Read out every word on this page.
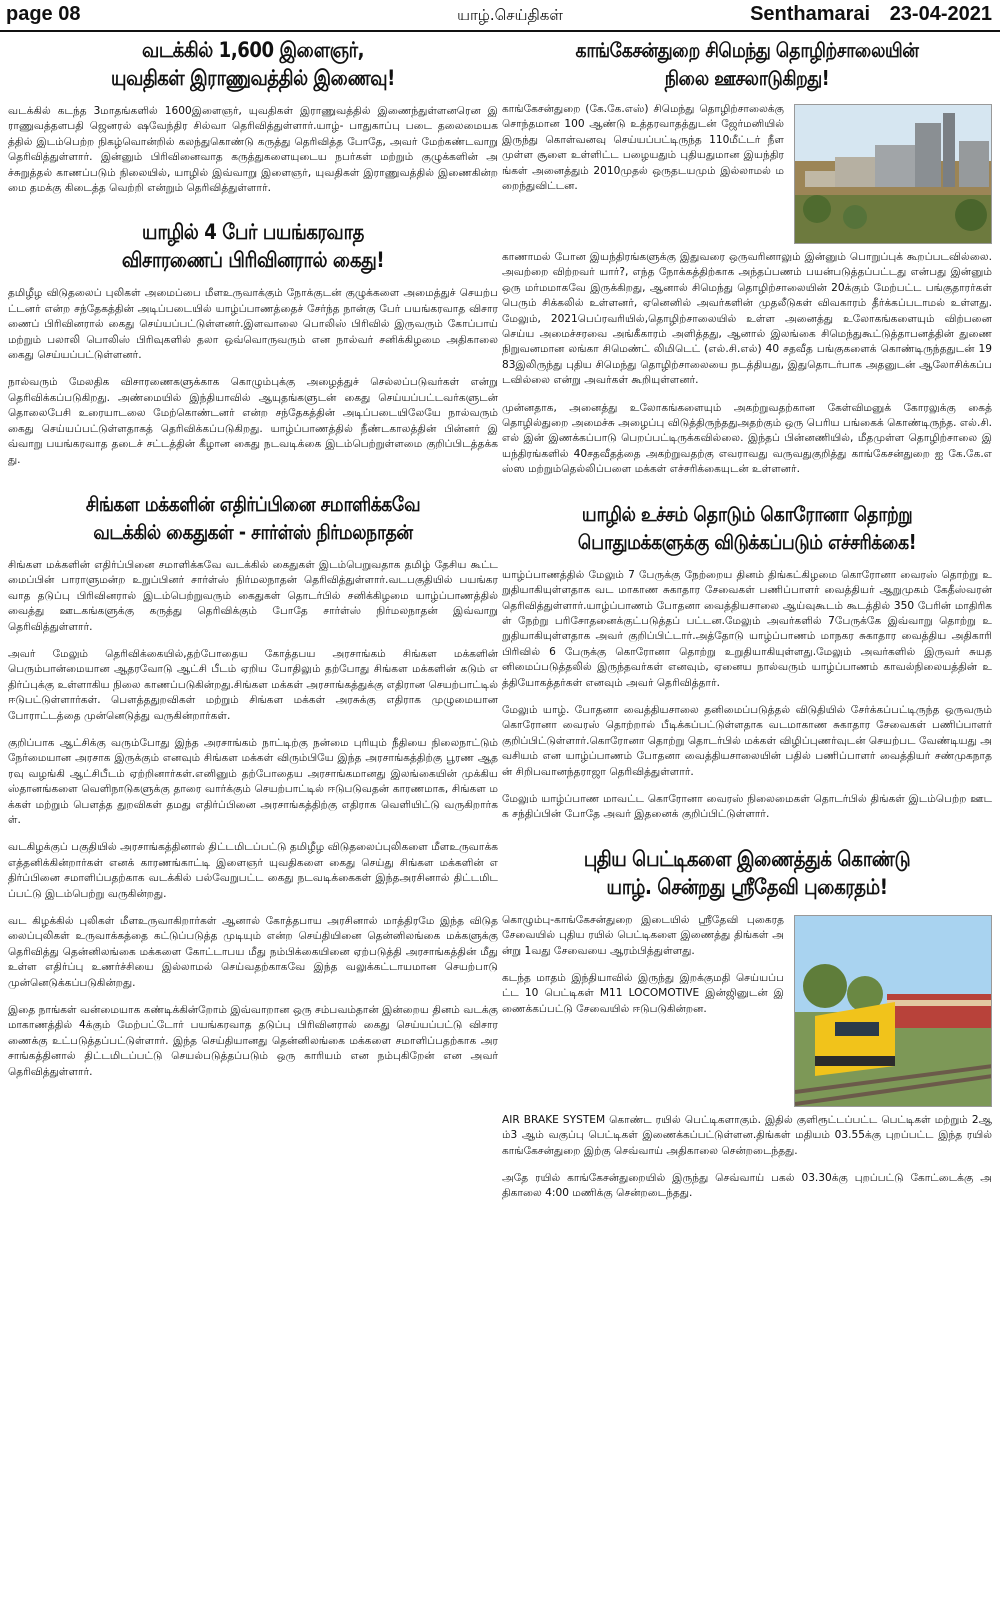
page 08	யாழ்.செய்திகள்	Senthamarai 23-04-2021
வடக்கில் 1,600 இளைஞர்,
யுவதிகள் இராணுவத்தில் இணைவு!

வடக்கில் கடந்த 3மாதங்களில் 1600இளைஞர், யுவதிகள் இராணுவத்தில் இணைந்துள்ளனரென இராணுவத்தளபதி ஜெனரல் ஷவேந்திர சில்வா தெரிவித்துள்ளார்.யாழ்- பாதுகாப்பு படை தலைமையகத்தில் இடம்பெற்ற நிகழ்வொன்றில் கலந்துகொண்டு கருத்து தெரிவித்த போதே, அவர் மேற்கண்டவாறு தெரிவித்துள்ளார். இன்னும் பிரிவினைவாத கருத்துகளையுடைய நபர்கள் மற்றும் குழுக்களின் அச்சுறுத்தல் காணப்படும் நிலையில், யாழில் இவ்வாறு இளைஞர், யுவதிகள் இராணுவத்தில் இணைகின்றமை தமக்கு கிடைத்த வெற்றி என்றும் தெரிவித்துள்ளார்.

யாழில் 4 பேர் பயங்கரவாத
விசாரணைப் பிரிவினரால் கைது!

தமிழீழ விடுதலைப் புலிகள் அமைப்பை மீளஉருவாக்கும் நோக்குடன் குழுக்களை அமைத்துச் செயற்பட்டனர் என்ற சந்தேகத்தின் அடிப்படையில் யாழ்ப்பாணத்தைச் சேர்ந்த நான்கு பேர் பயங்கரவாத விசாரணைப் பிரிவினரால் கைது செய்யப்பட்டுள்ளனர்.இளவாலை பொலிஸ் பிரிவில் இருவரும் கோப்பாய் மற்றும் பலாலி பொலிஸ் பிரிவுகளில் தலா ஒவ்வொருவரும் என நால்வர் சனிக்கிழமை அதிகாலை கைது செய்யப்பட்டுள்ளனர்.

நால்வரும் மேலதிக விசாரணைகளுக்காக கொழும்புக்கு அழைத்துச் செல்லப்படுவர்கள் என்று தெரிவிக்கப்படுகிறது. அண்மையில் இந்தியாவில் ஆயுதங்களுடன் கைது செய்யப்பட்டவர்களுடன் தொலைபேசி உரையாடலை மேற்கொண்டனர் என்ற சந்தேகத்தின் அடிப்படையிலேயே நால்வரும் கைது செய்யப்பட்டுள்ளதாகத் தெரிவிக்கப்படுகிறது. யாழ்ப்பாணத்தில் நீண்டகாலத்தின் பின்னர் இவ்வாறு பயங்கரவாத தடைச் சட்டத்தின் கீழான கைது நடவடிக்கை இடம்பெற்றுள்ளமை குறிப்பிடத்தக்கது.

சிங்கள மக்களின் எதிர்ப்பினை சமாளிக்கவே
வடக்கில் கைதுகள் - சார்ள்ஸ் நிர்மலநாதன்

சிங்கள மக்களின் எதிர்ப்பினை சமாளிக்கவே வடக்கில் கைதுகள் இடம்பெறுவதாக தமிழ் தேசிய கூட்டமைப்பின் பாராளுமன்ற உறுப்பினர் சார்ள்ஸ் நிர்மலநாதன் தெரிவித்துள்ளார்.வடபகுதியில் பயங்கரவாத தடுப்பு பிரிவினரால் இடம்பெற்றுவரும் கைதுகள் தொடர்பில் சனிக்கிழமை யாழ்ப்பாணத்தில் வைத்து ஊடகங்களுக்கு கருத்து தெரிவிக்கும் போதே சார்ள்ஸ் நிர்மலநாதன் இவ்வாறு தெரிவித்துள்ளார்.

அவர் மேலும் தெரிவிக்கையில்,தற்போதைய கோத்தபய அரசாங்கம் சிங்கள மக்களின் பெரும்பான்மையான ஆதரவோடு ஆட்சி பீடம் ஏறிய போதிலும் தற்போது சிங்கள மக்களின் கடும் எதிர்ப்புக்கு உள்ளாகிய நிலை காணப்படுகின்றது.சிங்கள மக்கள் அரசாங்கத்துக்கு எதிரான செயற்பாட்டில் ஈடுபட்டுள்ளார்கள். பௌத்ததுறவிகள் மற்றும் சிங்கள மக்கள் அரசுக்கு எதிராக முழுமையான போராட்டத்தை முன்னெடுத்து வருகின்றார்கள்.

குறிப்பாக ஆட்சிக்கு வரும்போது இந்த அரசாங்கம் நாட்டிற்கு நன்மை புரியும் நீதியை நிலைநாட்டும் நேர்மையான அரசாக இருக்கும் எனவும் சிங்கள மக்கள் விரும்பியே இந்த அரசாங்கத்திற்கு பூரண ஆதரவு வழங்கி ஆட்சிபீடம் ஏற்றினார்கள்.எனினும் தற்போதைய அரசாங்கமானது இலங்கையின் முக்கிய ஸ்தானங்களை வெளிநாடுகளுக்கு தாரை வார்க்கும் செயற்பாட்டில் ஈடுபடுவதன் காரணமாக, சிங்கள மக்கள் மற்றும் பௌத்த துறவிகள் தமது எதிர்ப்பினை அரசாங்கத்திற்கு எதிராக வெளியிட்டு வருகிறார்கள்.

வடகிழக்குப் பகுதியில் அரசாங்கத்தினால் திட்டமிடப்பட்டு தமிழீழ விடுதலைப்புலிகளை மீளஉருவாக்க எத்தனிக்கின்றார்கள் எனக் காரணங்காட்டி இளைஞர் யுவதிகளை கைது செய்து சிங்கள மக்களின் எதிர்ப்பினை சமாளிப்பதற்காக வடக்கில் பல்வேறுபட்ட கைது நடவடிக்கைகள் இந்தஅரசினால் திட்டமிடப்பட்டு இடம்பெற்று வருகின்றது.

வட கிழக்கில் புலிகள் மீளஉருவாகிறார்கள் ஆனால் கோத்தபாய அரசினால் மாத்திரமே இந்த விடுதலைப்புலிகள் உருவாக்கத்தை கட்டுப்படுத்த முடியும் என்ற செய்தியினை தென்னிலங்கை மக்களுக்கு தெரிவித்து தென்னிலங்கை மக்களை கோட்டாபய மீது நம்பிக்கையினை ஏற்படுத்தி அரசாங்கத்தின் மீது உள்ள எதிர்ப்பு உணர்ச்சியை இல்லாமல் செய்வதற்காகவே இந்த வலுக்கட்டாயமான செயற்பாடு முன்னெடுக்கப்படுகின்றது.

இதை நாங்கள் வன்மையாக கண்டிக்கின்றோம் இவ்வாறான ஒரு சம்பவம்தான் இன்றைய தினம் வடக்கு மாகாணத்தில் 4க்கும் மேற்பட்டோர் பயங்கரவாத தடுப்பு பிரிவினரால் கைது செய்யப்பட்டு விசாரணைக்கு உட்படுத்தப்பட்டுள்ளார். இந்த செய்தியானது தென்னிலங்கை மக்களை சமாளிப்பதற்காக அரசாங்கத்தினால் திட்டமிடப்பட்டு செயல்படுத்தப்படும் ஒரு காரியம் என நம்புகிறேன் என அவர் தெரிவித்துள்ளார்.

காங்கேசன்துறை சிமெந்து தொழிற்சாலையின்
நிலை ஊசலாடுகிறது!

காங்கேசன்துறை (கே.கே.எஸ்) சிமெந்து தொழிற்சாலைக்கு சொந்தமான 100 ஆண்டு உத்தரவாதத்துடன் ஜேர்மனியில் இருந்து கொள்வனவு செய்யப்பட்டிருந்த 110மீட்டர் நீளமுள்ள சூளை உள்ளிட்ட பழையதும் புதியதுமான இயந்திரங்கள் அனைத்தும் 2010முதல் ஒருதடயமும் இல்லாமல் மறைந்துவிட்டன.

காணாமல் போன இயந்திரங்களுக்கு இதுவரை ஒருவரினாலும் இன்னும் பொறுப்புக் கூறப்படவில்லை.அவற்றை விற்றவர் யார்?, எந்த நோக்கத்திற்காக அந்தப்பணம் பயன்படுத்தப்பட்டது என்பது இன்னும் ஒரு மர்மமாகவே இருக்கிறது, ஆனால் சிமெந்து தொழிற்சாலையின் 20க்கும் மேற்பட்ட பங்குதாரர்கள் பெரும் சிக்கலில் உள்ளனர், ஏனெனில் அவர்களின் முதலீடுகள் விவகாரம் தீர்க்கப்படாமல் உள்ளது.மேலும், 2021பெப்ரவரியில்,தொழிற்சாலையில் உள்ள அனைத்து உலோகங்களையும் விற்பனை செய்ய அமைச்சரவை அங்கீகாரம் அளித்தது, ஆனால் இலங்கை சிமெந்துகூட்டுத்தாபனத்தின் துணை நிறுவனமான லங்கா சிமெண்ட் லிமிடெட் (எல்.சி.எல்) 40 சதவீத பங்குகளைக் கொண்டிருந்ததுடன் 1983இலிருந்து புதிய சிமெந்து தொழிற்சாலையை நடத்தியது, இதுதொடர்பாக அதனுடன் ஆலோசிக்கப்படவில்லை என்று அவர்கள் கூறியுள்ளனர்.

முன்னதாக, அனைத்து உலோகங்களையும் அகற்றுவதற்கான கேள்விமனுக் கோரலுக்கு கைத் தொழில்துறை அமைச்சு அழைப்பு விடுத்திருந்ததுஅதற்கும் ஒரு பெரிய பங்கைக் கொண்டிருந்த. எல்.சி.எல் இன் இணக்கப்பாடு பெறப்பட்டிருக்கவில்லை. இந்தப் பின்னணியில், மீதமுள்ள தொழிற்சாலை இயந்திரங்களில் 40சதவீதத்தை அகற்றுவதற்கு எவராவது வருவதுகுறித்து காங்கேசன்துறை ஐ கே.கே.எஸ்ஸ மற்றும்தெல்லிப்பளை மக்கள் எச்சரிக்கையுடன் உள்ளனர்.

யாழில் உச்சம் தொடும் கொரோனா தொற்று
பொதுமக்களுக்கு விடுக்கப்படும் எச்சரிக்கை!

யாழ்ப்பாணத்தில் மேலும் 7 பேருக்கு நேற்றைய தினம் திங்கட்கிழமை கொரோனா வைரஸ் தொற்று உறுதியாகியுள்ளதாக வட மாகாண சுகாதார சேவைகள் பணிப்பாளர் வைத்தியர் ஆறுமுகம் கேதீஸ்வரன் தெரிவித்துள்ளார்.யாழ்ப்பாணம் போதனா வைத்தியசாலை ஆய்வுகூடம் கூடத்தில் 350 பேரின் மாதிரிகள் நேற்று பரிசோதனைக்குட்படுத்தப் பட்டன.மேலும் அவர்களில் 7பேருக்கே இவ்வாறு தொற்று உறுதியாகியுள்ளதாக அவர் குறிப்பிட்டார்.அத்தோடு யாழ்ப்பாணம் மாநகர சுகாதார வைத்திய அதிகாரி பிரிவில் 6 பேருக்கு கொரோனா தொற்று உறுதியாகியுள்ளது.மேலும் அவர்களில் இருவர் சுயதனிமைப்படுத்தலில் இருந்தவர்கள் எனவும், ஏனைய நால்வரும் யாழ்ப்பாணம் காவல்நிலையத்தின் உத்தியோகத்தர்கள் எனவும் அவர் தெரிவித்தார்.

மேலும் யாழ். போதனா வைத்தியசாலை தனிமைப்படுத்தல் விடுதியில் சேர்க்கப்பட்டிருந்த ஒருவரும் கொரோனா வைரஸ் தொற்றால் பீடிக்கப்பட்டுள்ளதாக வடமாகாண சுகாதார சேவைகள் பணிப்பாளர் குறிப்பிட்டுள்ளார்.கொரோனா தொற்று தொடர்பில் மக்கள் விழிப்புணர்வுடன் செயற்பட வேண்டியது அவசியம் என யாழ்ப்பாணம் போதனா வைத்தியசாலையின் பதில் பணிப்பாளர் வைத்தியர் சண்முகநாதன் சிறிபவானந்தராஜா தெரிவித்துள்ளார்.

மேலும் யாழ்ப்பாண மாவட்ட கொரோனா வைரஸ் நிலைமைகள் தொடர்பில் திங்கள் இடம்பெற்ற ஊடக சந்திப்பின் போதே அவர் இதனைக் குறிப்பிட்டுள்ளார்.

புதிய பெட்டிகளை இணைத்துக் கொண்டு
யாழ். சென்றது ஸ்ரீதேவி புகைரதம்!

கொழும்பு-காங்கேசன்துறை இடையில் ஸ்ரீதேவி புகைரதசேவையில் புதிய ரயில் பெட்டிகளை இணைத்து திங்கள் அன்று 1வது சேவையை ஆரம்பித்துள்ளது.

கடந்த மாதம் இந்தியாவில் இருந்து இறக்குமதி செய்யப்பட்ட 10 பெட்டிகள் M11 LOCOMOTIVE இன்ஜினுடன் இணைக்கப்பட்டு சேவையில் ஈடுபடுகின்றன.

AIR BRAKE SYSTEM கொண்ட ரயில் பெட்டிகளாகும். இதில் குளிரூட்டப்பட்ட பெட்டிகள் மற்றும் 2ஆம்3 ஆம் வகுப்பு பெட்டிகள் இணைக்கப்பட்டுள்ளன.திங்கள் மதியம் 03.55க்கு புறப்பட்ட இந்த ரயில் காங்கேசன்துறை இற்கு செவ்வாய் அதிகாலை சென்றடைந்தது.

அதே ரயில் காங்கேசன்துறையில் இருந்து செவ்வாய் பகல் 03.30க்கு புறப்பட்டு கோட்டைக்கு அதிகாலை 4:00 மணிக்கு சென்றடைந்தது.
